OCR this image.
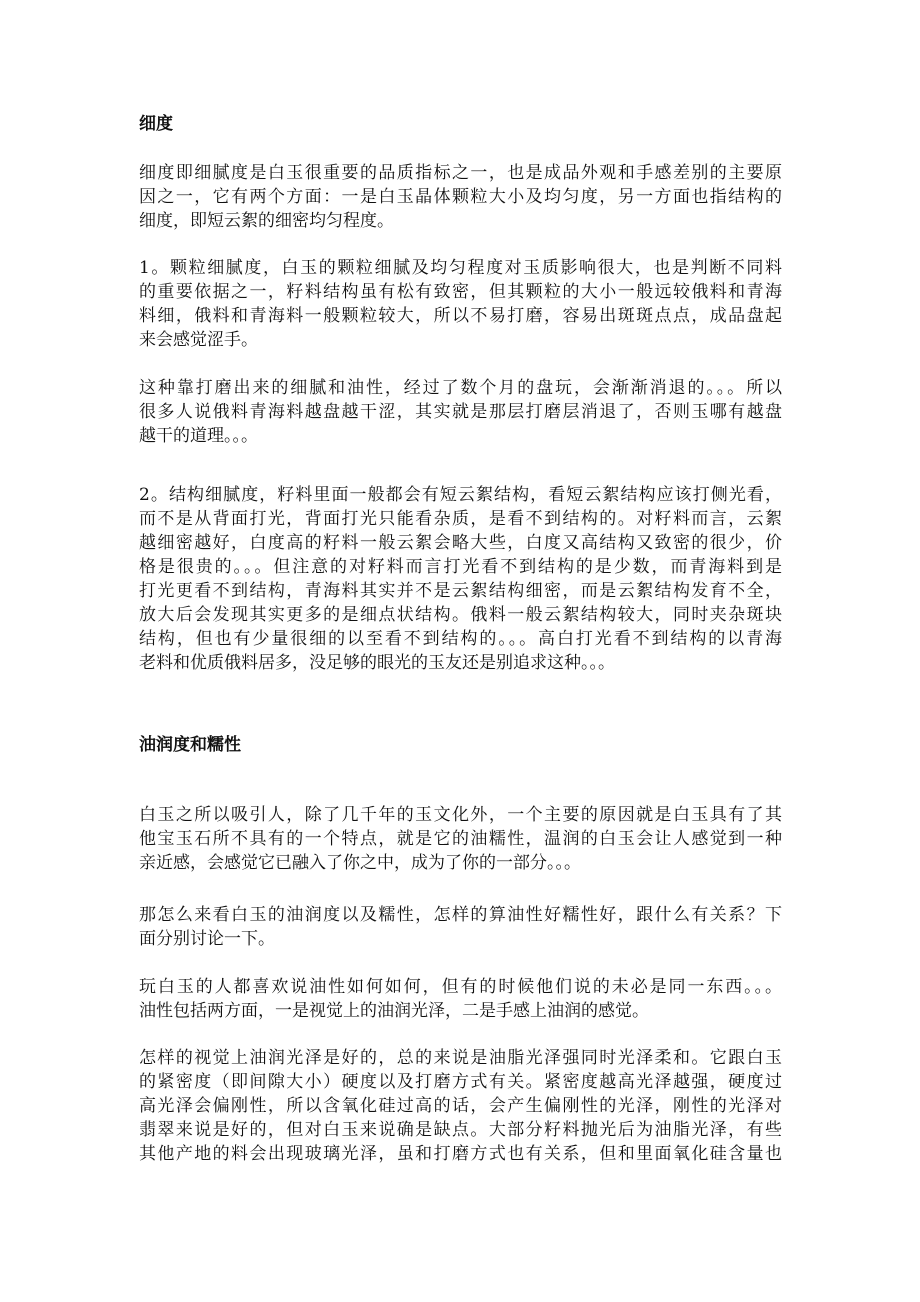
细度
细度即细腻度是白玉很重要的品质指标之一，也是成品外观和手感差别的主要原
因之一，它有两个方面：一是白玉晶体颗粒大小及均匀度，另一方面也指结构的
细度，即短云絮的细密均匀程度。
1。颗粒细腻度，白玉的颗粒细腻及均匀程度对玉质影响很大，也是判断不同料
的重要依据之一，籽料结构虽有松有致密，但其颗粒的大小一般远较俄料和青海
料细，俄料和青海料一般颗粒较大，所以不易打磨，容易出斑斑点点，成品盘起
来会感觉涩手。
这种靠打磨出来的细腻和油性，经过了数个月的盘玩，会渐渐消退的。。。所以
很多人说俄料青海料越盘越干涩，其实就是那层打磨层消退了，否则玉哪有越盘
越干的道理。。。
2。结构细腻度，籽料里面一般都会有短云絮结构，看短云絮结构应该打侧光看，
而不是从背面打光，背面打光只能看杂质，是看不到结构的。对籽料而言，云絮
越细密越好，白度高的籽料一般云絮会略大些，白度又高结构又致密的很少，价
格是很贵的。。。但注意的对籽料而言打光看不到结构的是少数，而青海料到是
打光更看不到结构，青海料其实并不是云絮结构细密，而是云絮结构发育不全，
放大后会发现其实更多的是细点状结构。俄料一般云絮结构较大，同时夹杂斑块
结构，但也有少量很细的以至看不到结构的。。。高白打光看不到结构的以青海
老料和优质俄料居多，没足够的眼光的玉友还是别追求这种。。。
油润度和糯性
白玉之所以吸引人，除了几千年的玉文化外，一个主要的原因就是白玉具有了其
他宝玉石所不具有的一个特点，就是它的油糯性，温润的白玉会让人感觉到一种
亲近感，会感觉它已融入了你之中，成为了你的一部分。。。
那怎么来看白玉的油润度以及糯性，怎样的算油性好糯性好，跟什么有关系？下
面分别讨论一下。
玩白玉的人都喜欢说油性如何如何，但有的时候他们说的未必是同一东西。。。
油性包括两方面，一是视觉上的油润光泽，二是手感上油润的感觉。
怎样的视觉上油润光泽是好的，总的来说是油脂光泽强同时光泽柔和。它跟白玉
的紧密度（即间隙大小）硬度以及打磨方式有关。紧密度越高光泽越强，硬度过
高光泽会偏刚性，所以含氧化硅过高的话，会产生偏刚性的光泽，刚性的光泽对
翡翠来说是好的，但对白玉来说确是缺点。大部分籽料抛光后为油脂光泽，有些
其他产地的料会出现玻璃光泽，虽和打磨方式也有关系，但和里面氧化硅含量也
